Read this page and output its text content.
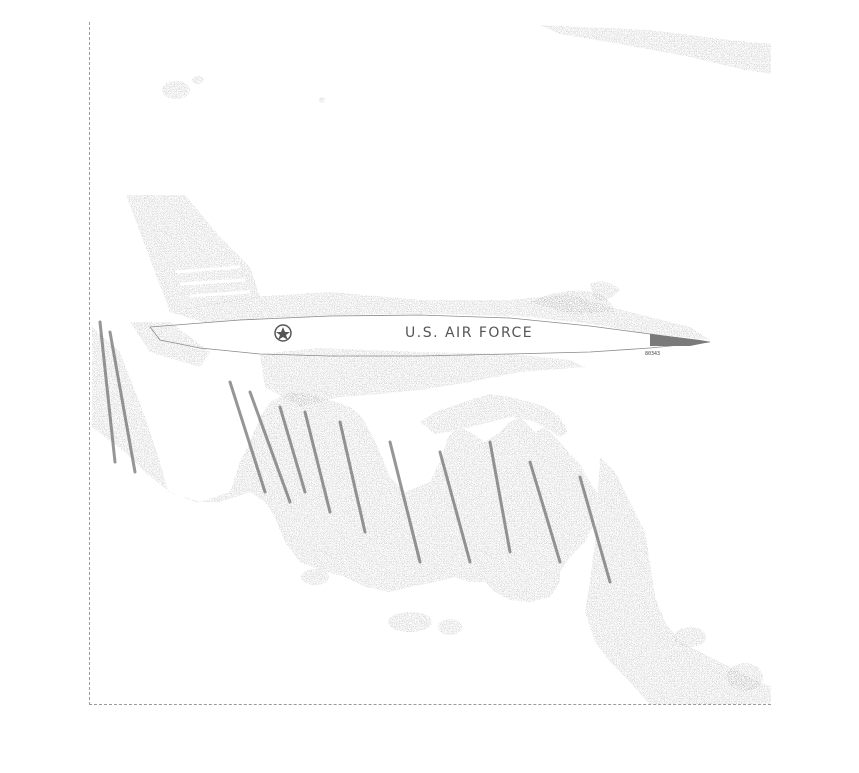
U.S. AIR FORCE
80343
